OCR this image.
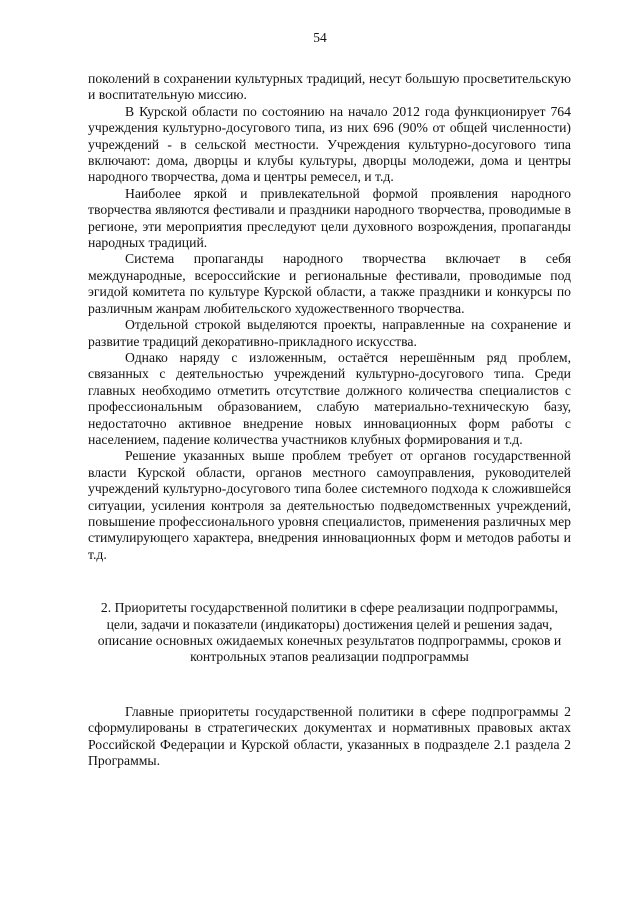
54

поколений в сохранении культурных традиций, несут большую просветительскую и воспитательную миссию.

В Курской области по состоянию на начало 2012 года функционирует 764 учреждения культурно-досугового типа, из них 696 (90% от общей численности) учреждений - в сельской местности. Учреждения культурно-досугового типа включают: дома, дворцы и клубы культуры, дворцы молодежи, дома и центры народного творчества, дома и центры ремесел, и т.д.

Наиболее яркой и привлекательной формой проявления народного творчества являются фестивали и праздники народного творчества, проводимые в регионе, эти мероприятия преследуют цели духовного возрождения, пропаганды народных традиций.

Система пропаганды народного творчества включает в себя международные, всероссийские и региональные фестивали, проводимые под эгидой комитета по культуре Курской области, а также праздники и конкурсы по различным жанрам любительского художественного творчества.

Отдельной строкой выделяются проекты, направленные на сохранение и развитие традиций декоративно-прикладного искусства.

Однако наряду с изложенным, остаётся нерешённым ряд проблем, связанных с деятельностью учреждений культурно-досугового типа. Среди главных необходимо отметить отсутствие должного количества специалистов с профессиональным образованием, слабую материально-техническую базу, недостаточно активное внедрение новых инновационных форм работы с населением, падение количества участников клубных формирования и т.д.

Решение указанных выше проблем требует от органов государственной власти Курской области, органов местного самоуправления, руководителей учреждений культурно-досугового типа более системного подхода к сложившейся ситуации, усиления контроля за деятельностью подведомственных учреждений, повышение профессионального уровня специалистов, применения различных мер стимулирующего характера, внедрения инновационных форм и методов работы и т.д.

2. Приоритеты государственной политики в сфере реализации подпрограммы, цели, задачи и показатели (индикаторы) достижения целей и решения задач, описание основных ожидаемых конечных результатов подпрограммы, сроков и контрольных этапов реализации подпрограммы

Главные приоритеты государственной политики в сфере подпрограммы 2 сформулированы в стратегических документах и нормативных правовых актах Российской Федерации и Курской области, указанных в подразделе 2.1 раздела 2 Программы.
